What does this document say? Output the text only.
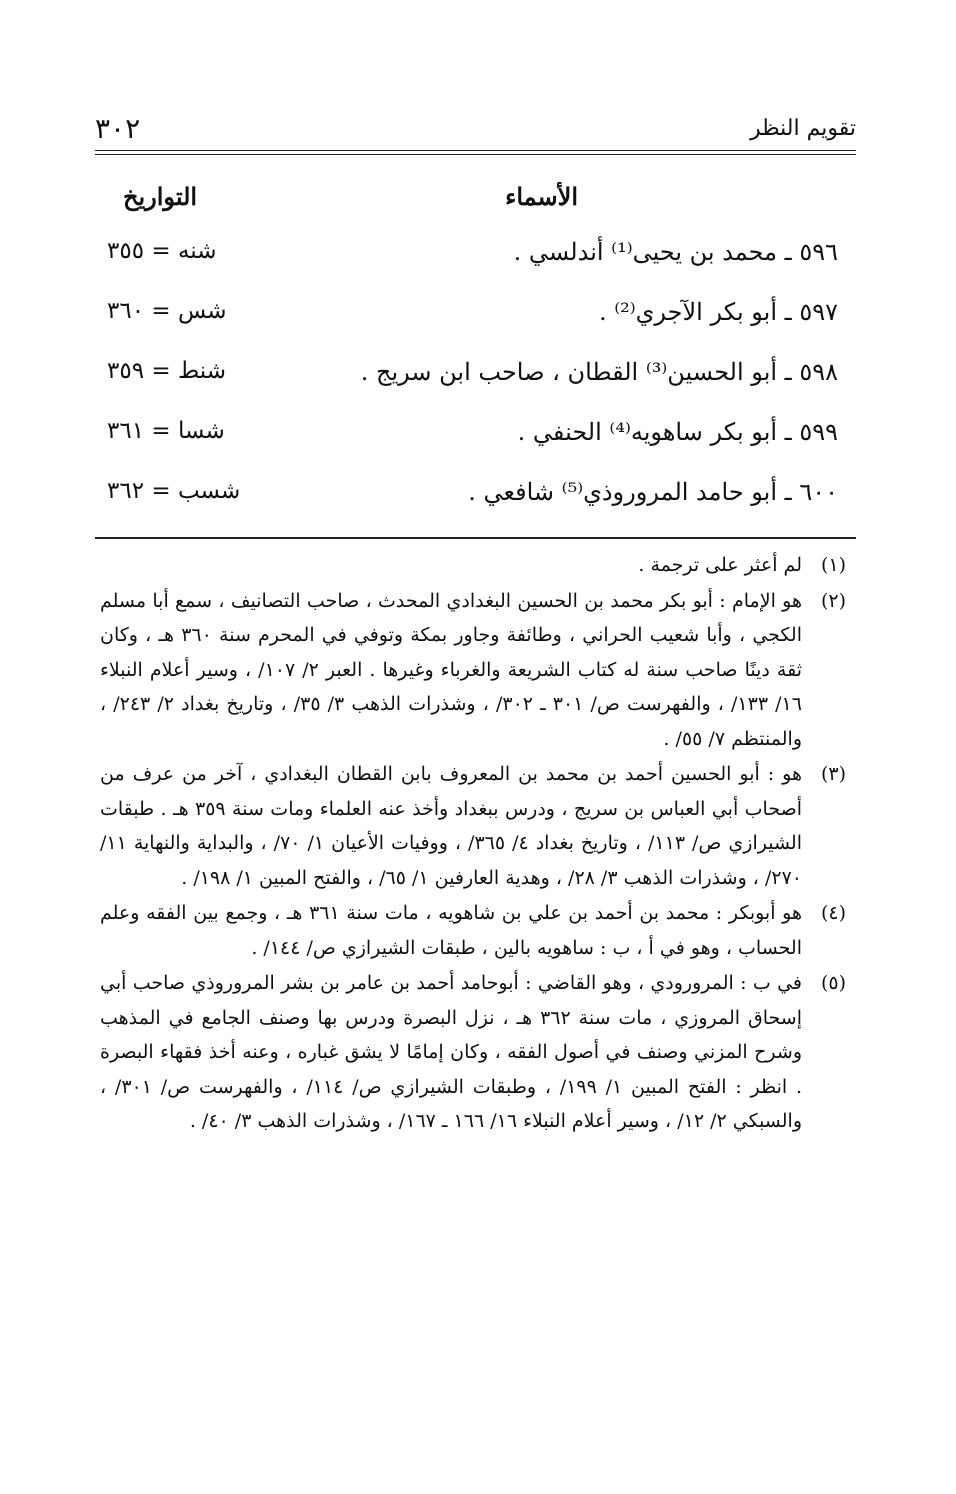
تقويم النظر
٣٠٢
الأسماء
التواريخ
٥٩٦ ـ محمد بن يحيى⁽¹⁾ أندلسي .
شنه = ٣٥٥
٥٩٧ ـ أبو بكر الآجري⁽²⁾ .
شس = ٣٦٠
٥٩٨ ـ أبو الحسين⁽³⁾ القطان ، صاحب ابن سريج .
شنط = ٣٥٩
٥٩٩ ـ أبو بكر ساهويه⁽⁴⁾ الحنفي .
شسا = ٣٦١
٦٠٠ ـ أبو حامد المروروذي⁽⁵⁾ شافعي .
شسب = ٣٦٢
(١)
لم أعثر على ترجمة .
(٢)
هو الإمام : أبو بكر محمد بن الحسين البغدادي المحدث ، صاحب التصانيف ، سمع أبا مسلم الكجي ، وأبا شعيب الحراني ، وطائفة وجاور بمكة وتوفي في المحرم سنة ٣٦٠ هـ ، وكان ثقة دينًا صاحب سنة له كتاب الشريعة والغرباء وغيرها . العبر ٢/ ١٠٧/ ، وسير أعلام النبلاء ١٦/ ١٣٣/ ، والفهرست ص/ ٣٠١ ـ ٣٠٢/ ، وشذرات الذهب ٣/ ٣٥/ ، وتاريخ بغداد ٢/ ٢٤٣/ ، والمنتظم ٧/ ٥٥/ .
(٣)
هو : أبو الحسين أحمد بن محمد بن المعروف بابن القطان البغدادي ، آخر من عرف من أصحاب أبي العباس بن سريج ، ودرس ببغداد وأخذ عنه العلماء ومات سنة ٣٥٩ هـ . طبقات الشيرازي ص/ ١١٣/ ، وتاريخ بغداد ٤/ ٣٦٥/ ، ووفيات الأعيان ١/ ٧٠/ ، والبداية والنهاية ١١/ ٢٧٠/ ، وشذرات الذهب ٣/ ٢٨/ ، وهدية العارفين ١/ ٦٥/ ، والفتح المبين ١/ ١٩٨/ .
(٤)
هو أبوبكر : محمد بن أحمد بن علي بن شاهويه ، مات سنة ٣٦١ هـ ، وجمع بين الفقه وعلم الحساب ، وهو في أ ، ب : ساهويه بالين ، طبقات الشيرازي ص/ ١٤٤/ .
(٥)
في ب : المرورودي ، وهو القاضي : أبوحامد أحمد بن عامر بن بشر المروروذي صاحب أبي إسحاق المروزي ، مات سنة ٣٦٢ هـ ، نزل البصرة ودرس بها وصنف الجامع في المذهب وشرح المزني وصنف في أصول الفقه ، وكان إمامًا لا يشق غباره ، وعنه أخذ فقهاء البصرة . انظر : الفتح المبين ١/ ١٩٩/ ، وطبقات الشيرازي ص/ ١١٤/ ، والفهرست ص/ ٣٠١/ ، والسبكي ٢/ ١٢/ ، وسير أعلام النبلاء ١٦/ ١٦٦ ـ ١٦٧/ ، وشذرات الذهب ٣/ ٤٠/ .
